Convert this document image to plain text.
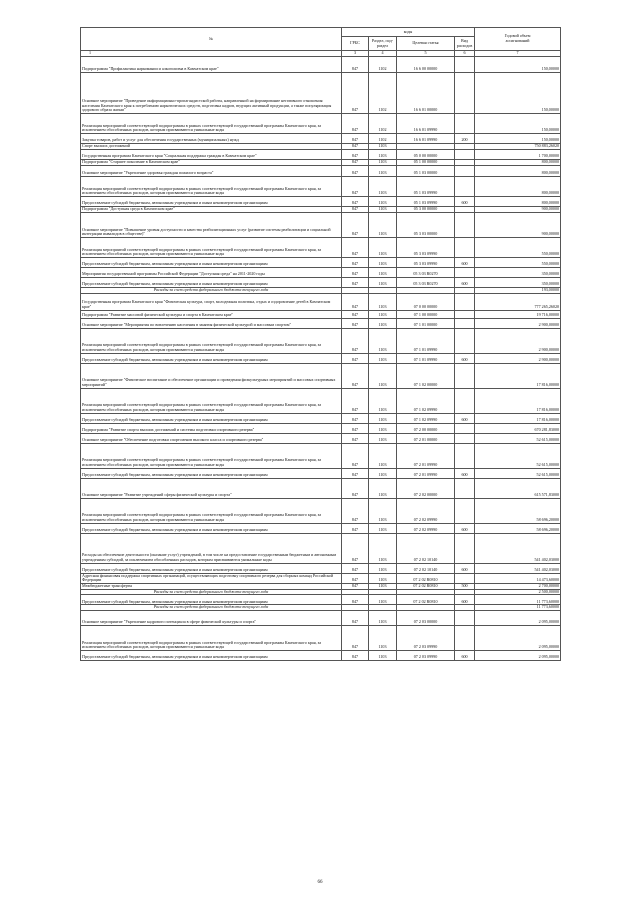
№	коды				Годовой объем
ассигнований
	ГРБС	Раздел, под-
раздел	Целевая статья	Вид
расходов	
1	3	4	5	6	7
Подпрограмма "Профилактика наркомании и алкоголизма в Камчатском крае"	847	1102	16 6 00 00000		150,00000
Основное мероприятие "Проведение информационно-пропагандистской работы, направленной на формирование негативного отношения населения Камчатского края к потреблению наркотических средств, подготовка кадров, ведущих активный продукции, а также популяризация здорового образа жизни"	847	1102	16 6 01 00000		150,00000
Реализация мероприятий соответствующей подпрограммы в рамках соответствующей государственной программы Камчатского края, за исключением обособленных расходов, которым присваиваются уникальные коды	847	1102	16 6 01 09990		150,00000
Закупка товаров, работ и услуг для обеспечения государственных (муниципальных) нужд	847	1102	16 6 01 09990	200	150,00000
Спорт высших достижений	847	1103			750 883,26020
Государственная программа Камчатского края "Социальная поддержка граждан в Камчатском крае"	847	1103	05 0 00 00000		1 700,00000
Подпрограмма "Старшее поколение в Камчатском крае"	847	1103	05 1 00 00000		800,00000
Основное мероприятие "Укрепление здоровья граждан пожилого возраста"	847	1103	05 1 03 00000		800,00000
Реализация мероприятий соответствующей подпрограммы в рамках соответствующей государственной программы Камчатского края, за исключением обособленных расходов, которым присваиваются уникальные коды	847	1103	05 1 03 09990		800,00000
Предоставление субсидий бюджетным, автономным учреждениям и иным некоммерческим организациям	847	1103	05 1 03 09990	600	800,00000
Подпрограмма "Доступная среда в Камчатском крае"	847	1103	05 3 00 00000		900,00000
Основное мероприятие "Повышение уровня доступности и качества реабилитационных услуг (развитие системы реабилитации и социальной интеграции инвалидов в обществе)"	847	1103	05 3 03 00000		900,00000
Реализация мероприятий соответствующей подпрограммы в рамках соответствующей государственной программы Камчатского края, за исключением обособленных расходов, которым присваиваются уникальные коды	847	1103	05 3 03 09990		550,00000
Предоставление субсидий бюджетным, автономным учреждениям и иным некоммерческим организациям	847	1103	05 3 03 09990	600	550,00000
Мероприятия государственной программы Российской Федерации "Доступная среда" на 2011-2020 годы	847	1103	05 3 03 R0270		350,00000
Предоставление субсидий бюджетным, автономным учреждениям и иным некоммерческим организациям	847	1103	05 3 03 R0270	600	350,00000
Расходы за счет средств федерального бюджета текущего года					193,00000
Государственная программа Камчатского края "Физическая культура, спорт, молодежная политика, отдых и оздоровление детей в Камчатском крае"	847	1103	07 0 00 00000		777 265,26020
Подпрограмма "Развитие массовой физической культуры и спорта в Камчатском крае"	847	1103	07 1 00 00000		19 716,00000
Основное мероприятие "Мероприятия по вовлечению населения в занятия физической культурой и массовым спортом"	847	1103	07 1 01 00000		2 900,00000
Реализация мероприятий соответствующей подпрограммы в рамках соответствующей государственной программы Камчатского края, за исключением обособленных расходов, которым присваиваются уникальные коды	847	1103	07 1 01 09990		2 900,00000
Предоставление субсидий бюджетным, автономным учреждениям и иным некоммерческим организациям	847	1103	07 1 01 09990	600	2 900,00000
Основное мероприятие "Физическое воспитание и обеспечение организации и проведения физкультурных мероприятий и массовых спортивных мероприятий"	847	1103	07 1 02 00000		17 816,00000
Реализация мероприятий соответствующей подпрограммы в рамках соответствующей государственной программы Камчатского края, за исключением обособленных расходов, которым присваиваются уникальные коды	847	1103	07 1 02 09990		17 816,00000
Предоставление субсидий бюджетным, автономным учреждениям и иным некоммерческим организациям	847	1103	07 1 02 09990	600	17 816,00000
Подпрограмма "Развитие спорта высших достижений и системы подготовки спортивного резерва"	847	1103	07 2 00 00000		670 281,83000
Основное мероприятие "Обеспечение подготовки спортсменов высокого класса и спортивного резерва"	847	1103	07 2 01 00000		52 615,00000
Реализация мероприятий соответствующей подпрограммы в рамках соответствующей государственной программы Камчатского края, за исключением обособленных расходов, которым присваиваются уникальные коды	847	1103	07 2 01 09990		52 615,00000
Предоставление субсидий бюджетным, автономным учреждениям и иным некоммерческим организациям	847	1103	07 2 01 09990	600	52 615,00000
Основное мероприятие "Развитие учреждений сферы физической культуры и спорта"	847	1103	07 2 02 00000		615 571,83000
Реализация мероприятий соответствующей подпрограммы в рамках соответствующей государственной программы Камчатского края, за исключением обособленных расходов, которым присваиваются уникальные коды	847	1103	07 2 02 09990		58 696,20000
Предоставление субсидий бюджетным, автономным учреждениям и иным некоммерческим организациям	847	1103	07 2 02 09990	600	58 696,20000
Расходы на обеспечение деятельности (оказание услуг) учреждений, в том числе на предоставление государственным бюджетным и автономным учреждениям субсидий, за исключением обособленных расходов, которым присваиваются уникальные коды	847	1103	07 2 02 10140		541 402,03000
Предоставление субсидий бюджетным, автономным учреждениям и иным некоммерческим организациям	847	1103	07 2 02 10140	600	541 402,03000
Адресная финансовая поддержка спортивных организаций, осуществляющих подготовку спортивного резерва для сборных команд Российской Федерации	847	1103	07 2 02 R0810		14 473,60000
Межбюджетные трансферты	847	1103	07 2 02 R0810	500	2 700,00000
Расходы за счет средств федерального бюджета текущего года					2 500,00000
Предоставление субсидий бюджетным, автономным учреждениям и иным некоммерческим организациям	847	1103	07 2 02 R0810	600	11 773,60000
Расходы за счет средств федерального бюджета текущего года					11 773,60000
Основное мероприятие "Укрепление кадрового потенциала в сфере физической культуры и спорта"	847	1103	07 2 03 00000		2 095,00000
Реализация мероприятий соответствующей подпрограммы в рамках соответствующей государственной программы Камчатского края, за исключением обособленных расходов, которым присваиваются уникальные коды	847	1103	07 2 03 09990		2 095,00000
Предоставление субсидий бюджетным, автономным учреждениям и иным некоммерческим организациям	847	1103	07 2 03 09990	600	2 095,00000
66
